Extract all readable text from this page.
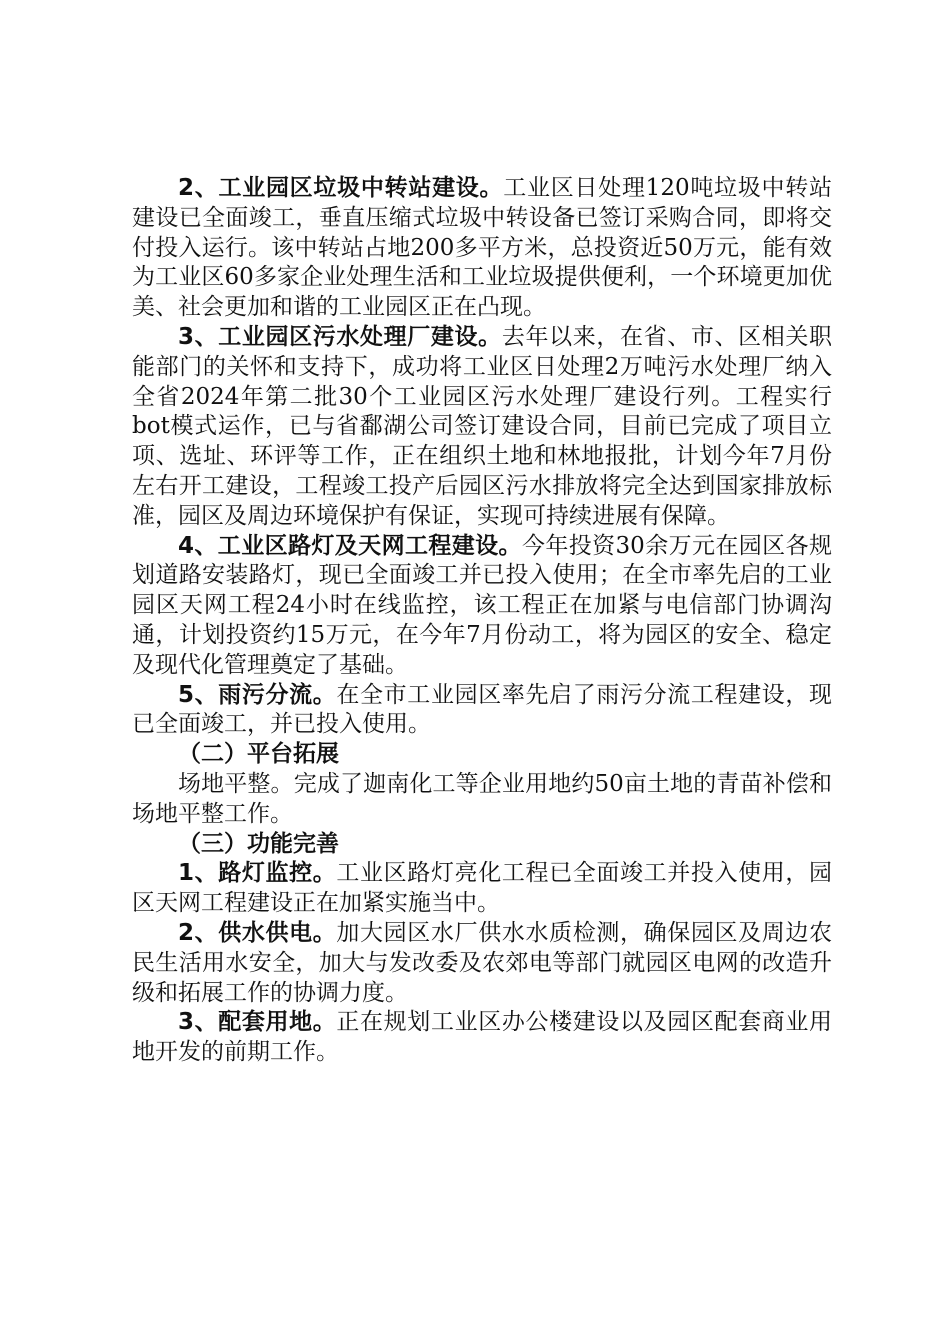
2、工业园区垃圾中转站建设。工业区日处理120吨垃圾中转站建设已全面竣工，垂直压缩式垃圾中转设备已签订采购合同，即将交付投入运行。该中转站占地200多平方米，总投资近50万元，能有效为工业区60多家企业处理生活和工业垃圾提供便利，一个环境更加优美、社会更加和谐的工业园区正在凸现。

3、工业园区污水处理厂建设。去年以来，在省、市、区相关职能部门的关怀和支持下，成功将工业区日处理2万吨污水处理厂纳入全省2024年第二批30个工业园区污水处理厂建设行列。工程实行bot模式运作，已与省鄱湖公司签订建设合同，目前已完成了项目立项、选址、环评等工作，正在组织土地和林地报批，计划今年7月份左右开工建设，工程竣工投产后园区污水排放将完全达到国家排放标准，园区及周边环境保护有保证，实现可持续进展有保障。

4、工业区路灯及天网工程建设。今年投资30余万元在园区各规划道路安装路灯，现已全面竣工并已投入使用；在全市率先启的工业园区天网工程24小时在线监控，该工程正在加紧与电信部门协调沟通，计划投资约15万元，在今年7月份动工，将为园区的安全、稳定及现代化管理奠定了基础。

5、雨污分流。在全市工业园区率先启了雨污分流工程建设，现已全面竣工，并已投入使用。

（二）平台拓展

场地平整。完成了迦南化工等企业用地约50亩土地的青苗补偿和场地平整工作。

（三）功能完善

1、路灯监控。工业区路灯亮化工程已全面竣工并投入使用，园区天网工程建设正在加紧实施当中。

2、供水供电。加大园区水厂供水水质检测，确保园区及周边农民生活用水安全，加大与发改委及农郊电等部门就园区电网的改造升级和拓展工作的协调力度。

3、配套用地。正在规划工业区办公楼建设以及园区配套商业用地开发的前期工作。
